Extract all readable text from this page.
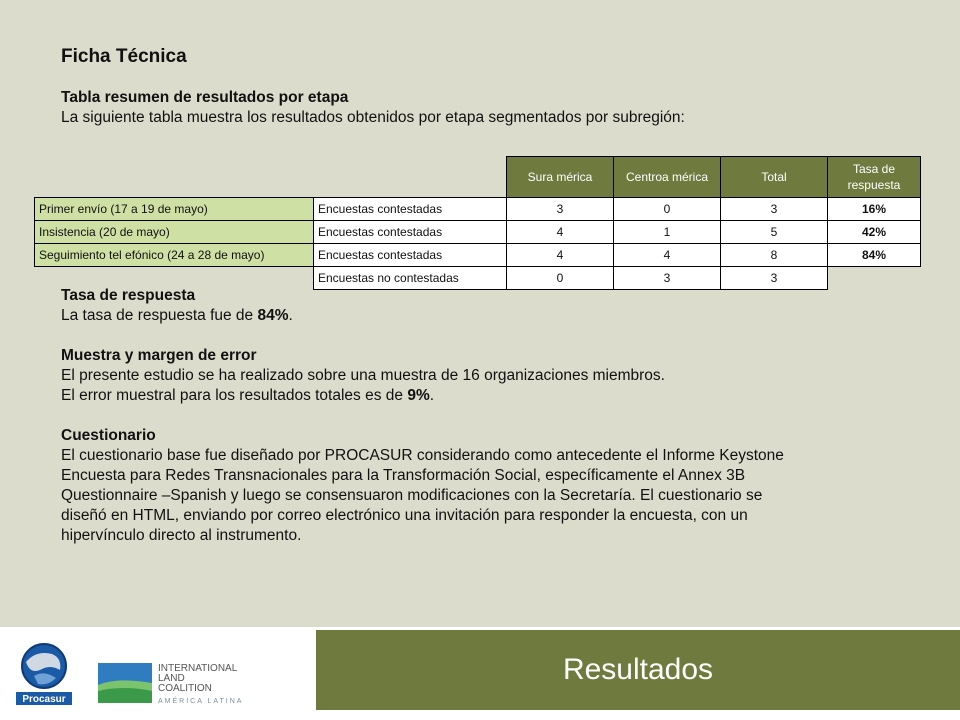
Ficha Técnica
Tabla resumen de resultados por etapa
La siguiente tabla muestra los resultados obtenidos por etapa segmentados por subregión:
Tasa de respuesta
La tasa de respuesta fue de 84%.
Muestra y margen de error
El presente estudio se ha realizado sobre una muestra de 16 organizaciones miembros.
El error muestral para los resultados totales es de 9%.
Cuestionario
El cuestionario base fue diseñado por PROCASUR considerando como antecedente el Informe Keystone
Encuesta para Redes Transnacionales para la Transformación Social, específicamente el Annex 3B
Questionnaire –Spanish y luego se consensuaron modificaciones con la Secretaría. El cuestionario se
diseñó en HTML, enviando por correo electrónico una invitación para responder la encuesta, con un
hipervínculo directo al instrumento.
		Sura mérica	Centroa mérica	Total	Tasa de respuesta
Primer envío (17 a 19 de mayo)	Encuestas contestadas	3	0	3	16%
Insistencia (20 de mayo)	Encuestas contestadas	4	1	5	42%
Seguimiento tel efónico (24 a 28 de mayo)	Encuestas contestadas	4	4	8	84%
	Encuestas no contestadas	0	3	3	
Resultados
Procasur
INTERNATIONAL
LAND
COALITION
AMÉRICA LATINA
